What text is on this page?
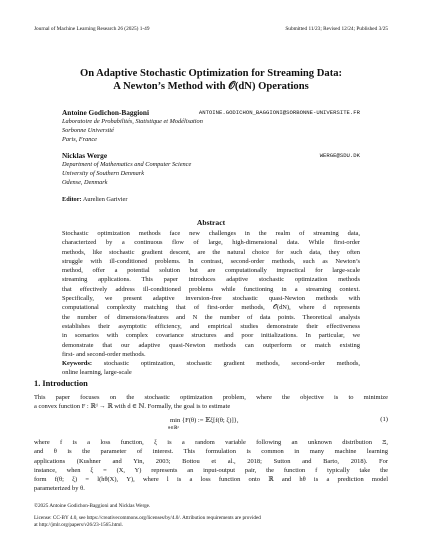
Journal of Machine Learning Research 26 (2025) 1-49	Submitted 11/23; Revised 12/24; Published 3/25
On Adaptive Stochastic Optimization for Streaming Data:
A Newton’s Method with 𝒪(dN) Operations
Antoine Godichon-Baggioni	ANTOINE.GODICHON_BAGGIONI@SORBONNE-UNIVERSITE.FR
Laboratoire de Probabilités, Statistique et Modélisation
Sorbonne Université
Paris, France
Nicklas Werge	WERGE@SDU.DK
Department of Mathematics and Computer Science
University of Southern Denmark
Odense, Denmark
Editor: Aurelien Garivier
Abstract
Stochastic optimization methods face new challenges in the realm of streaming data,
characterized by a continuous flow of large, high-dimensional data. While first-order
methods, like stochastic gradient descent, are the natural choice for such data, they often
struggle with ill-conditioned problems. In contrast, second-order methods, such as Newton’s
method, offer a potential solution but are computationally impractical for large-scale
streaming applications. This paper introduces adaptive stochastic optimization methods
that effectively address ill-conditioned problems while functioning in a streaming context.
Specifically, we present adaptive inversion-free stochastic quasi-Newton methods with
computational complexity matching that of first-order methods, 𝒪(dN), where d represents
the number of dimensions/features and N the number of data points. Theoretical analysis
establishes their asymptotic efficiency, and empirical studies demonstrate their effectiveness
in scenarios with complex covariance structures and poor initializations. In particular, we
demonstrate that our adaptive quasi-Newton methods can outperform or match existing
first- and second-order methods.
Keywords: stochastic optimization, stochastic gradient methods, second-order methods,
online learning, large-scale
1. Introduction
This paper focuses on the stochastic optimization problem, where the objective is to minimize
a convex function F : ℝᵈ → ℝ with d ∈ ℕ. Formally, the goal is to estimate
min {F(θ) := 𝔼ξ[f(θ; ξ)]},
θ∈ℝᵈ
(1)
where f is a loss function, ξ is a random variable following an unknown distribution Ξ,
and θ is the parameter of interest. This formulation is common in many machine learning
applications (Kushner and Yin, 2003; Bottou et al., 2018; Sutton and Barto, 2018). For
instance, when ξ = (X, Y) represents an input-output pair, the function f typically take the
form f(θ; ξ) = l(hθ(X), Y), where l is a loss function onto ℝ and hθ is a prediction model
parameterized by θ.
©2025 Antoine Godichon-Baggioni and Nicklas Werge.
License: CC-BY 4.0, see https://creativecommons.org/licenses/by/4.0/. Attribution requirements are provided
at http://jmlr.org/papers/v26/23-1565.html.
